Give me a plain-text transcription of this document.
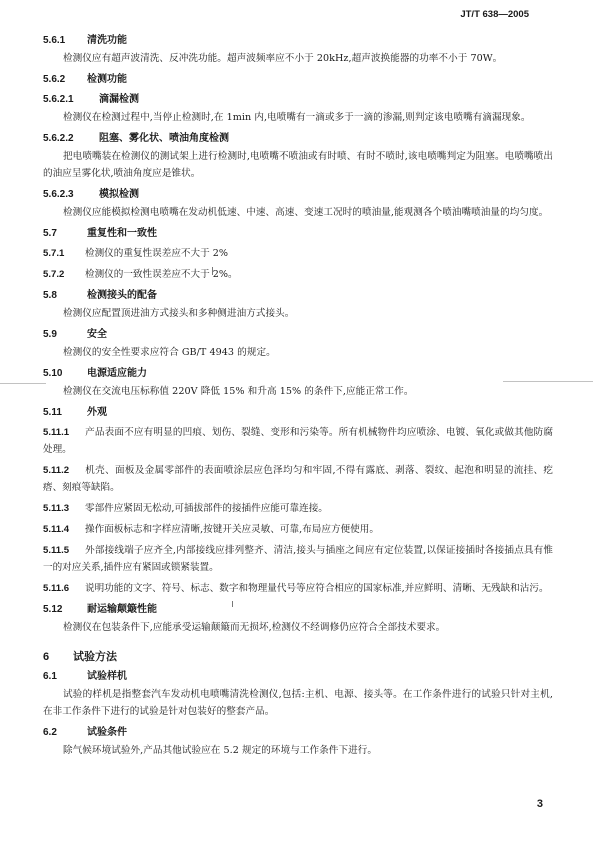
JT/T 638—2005
5.6.1 清洗功能

检测仪应有超声波清洗、反冲洗功能。超声波频率应不小于 20kHz,超声波换能器的功率不小于 70W。

5.6.2 检测功能
5.6.2.1	滴漏检测

检测仪在检测过程中,当停止检测时,在 1min 内,电喷嘴有一滴或多于一滴的渗漏,则判定该电喷嘴有滴漏现象。

5.6.2.2	阻塞、雾化状、喷油角度检测

把电喷嘴装在检测仪的测试架上进行检测时,电喷嘴不喷油或有时喷、有时不喷时,该电喷嘴判定为阻塞。电喷嘴喷出的油应呈雾化状,喷油角度应是锥状。

5.6.2.3	模拟检测

检测仪应能模拟检测电喷嘴在发动机低速、中速、高速、变速工况时的喷油量,能观测各个喷油嘴喷油量的均匀度。

5.7	重复性和一致性

5.7.1 检测仪的重复性误差应不大于 2%

5.7.2 检测仪的一致性误差应不大于 2%。

5.8	检测接头的配备

检测仪应配置顶进油方式接头和多种侧进油方式接头。

5.9	安全

检测仪的安全性要求应符合 GB/T 4943 的规定。

5.10 电源适应能力

检测仪在交流电压标称值 220V 降低 15% 和升高 15% 的条件下,应能正常工作。

5.11	外观

5.11.1 产品表面不应有明显的凹痕、划伤、裂缝、变形和污染等。所有机械物件均应喷涂、电镀、氧化或做其他防腐处理。

5.11.2 机壳、面板及金属零部件的表面喷涂层应色泽均匀和牢固,不得有露底、剥落、裂纹、起泡和明显的流挂、疙瘩、刻痕等缺陷。

5.11.3 零部件应紧固无松动,可插拔部件的接插件应能可靠连接。

5.11.4 操作面板标志和字样应清晰,按键开关应灵敏、可靠,布局应方便使用。

5.11.5 外部接线端子应齐全,内部接线应排列整齐、清洁,接头与插座之间应有定位装置,以保证接插时各接插点具有惟一的对应关系,插件应有紧固或锁紧装置。

5.11.6 说明功能的文字、符号、标志、数字和物理量代号等应符合相应的国家标准,并应鲜明、清晰、无残缺和沾污。

5.12 耐运输颠簸性能

检测仪在包装条件下,应能承受运输颠簸而无损坏,检测仪不经调修仍应符合全部技术要求。

6 试验方法
6.1	试验样机

试验的样机是指整套汽车发动机电喷嘴清洗检测仪,包括:主机、电源、接头等。在工作条件进行的试验只针对主机,在非工作条件下进行的试验是针对包装好的整套产品。

6.2	试验条件

除气候环境试验外,产品其他试验应在 5.2 规定的环境与工作条件下进行。

3
